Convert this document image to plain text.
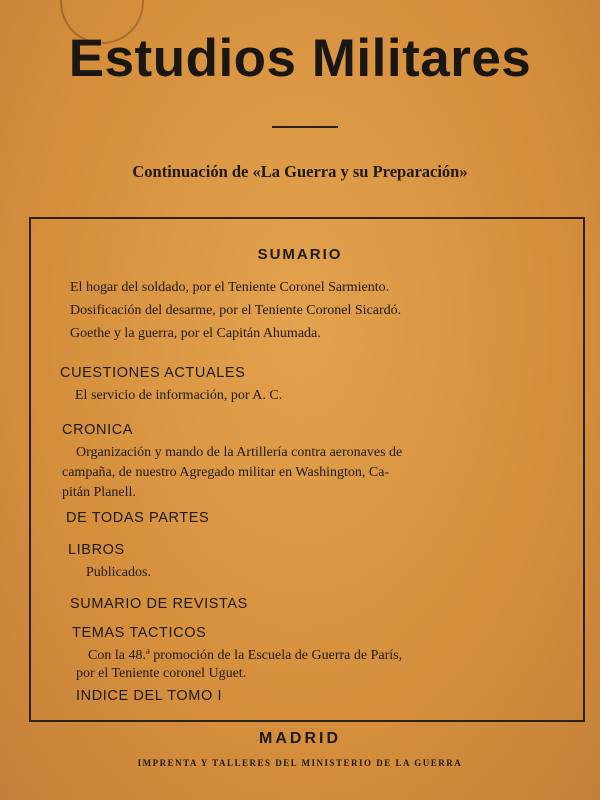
Estudios Militares
Continuación de «La Guerra y su Preparación»
SUMARIO
El hogar del soldado, por el Teniente Coronel Sarmiento.
Dosificación del desarme, por el Teniente Coronel Sicardó.
Goethe y la guerra, por el Capitán Ahumada.
CUESTIONES ACTUALES
El servicio de información, por A. C.
CRONICA
Organización y mando de la Artillería contra aeronaves de
campaña, de nuestro Agregado militar en Washington, Ca-
pitán Planell.
DE TODAS PARTES
LIBROS
Publicados.
SUMARIO DE REVISTAS
TEMAS TACTICOS
Con la 48.ª promoción de la Escuela de Guerra de París,
por el Teniente coronel Uguet.
INDICE DEL TOMO I
MADRID
IMPRENTA Y TALLERES DEL MINISTERIO DE LA GUERRA
